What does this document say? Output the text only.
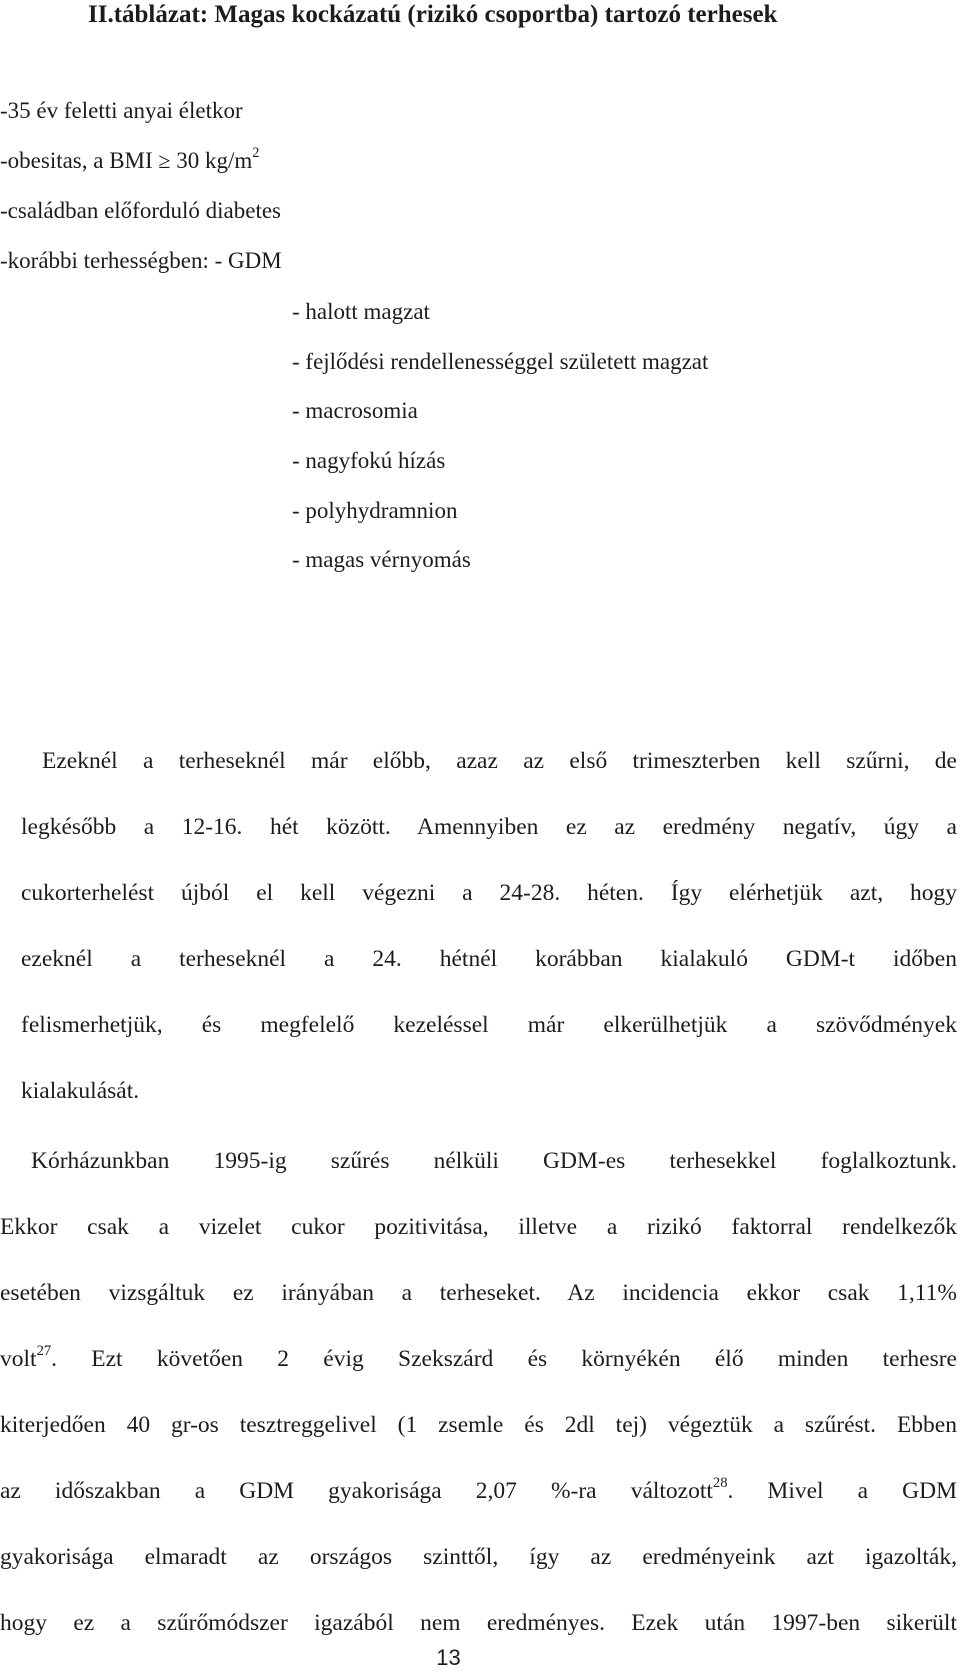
II.táblázat: Magas kockázatú (rizikó csoportba) tartozó terhesek
-35 év feletti anyai életkor
-obesitas, a BMI ≥ 30 $kg/m^2$
-családban előforduló diabetes
-korábbi terhességben: - GDM
- halott magzat
- fejlődési rendellenességgel született magzat
- macrosomia
- nagyfokú hízás
- polyhydramnion
- magas vérnyomás
Ezeknél a terheseknél már előbb, azaz az első trimeszterben kell szűrni, de
legkésőbb a 12-16. hét között. Amennyiben ez az eredmény negatív, úgy a
cukorterhelést újból el kell végezni a 24-28. héten. Így elérhetjük azt, hogy
ezeknél a terheseknél a 24. hétnél korábban kialakuló GDM-t időben
felismerhetjük, és megfelelő kezeléssel már elkerülhetjük a szövődmények
kialakulását.
Kórházunkban 1995-ig szűrés nélküli GDM-es terhesekkel foglalkoztunk.
Ekkor csak a vizelet cukor pozitivitása, illetve a rizikó faktorral rendelkezők
esetében vizsgáltuk ez irányában a terheseket. Az incidencia ekkor csak 1,11%
volt$^{27}$. Ezt követően 2 évig Szekszárd és környékén élő minden terhesre
kiterjedően 40 gr-os tesztreggelivel (1 zsemle és 2dl tej) végeztük a szűrést. Ebben
az időszakban a GDM gyakorisága 2,07 %-ra változott$^{28}$. Mivel a GDM
gyakorisága elmaradt az országos szinttől, így az eredményeink azt igazolták,
hogy ez a szűrőmódszer igazából nem eredményes. Ezek után 1997-ben sikerült
13
